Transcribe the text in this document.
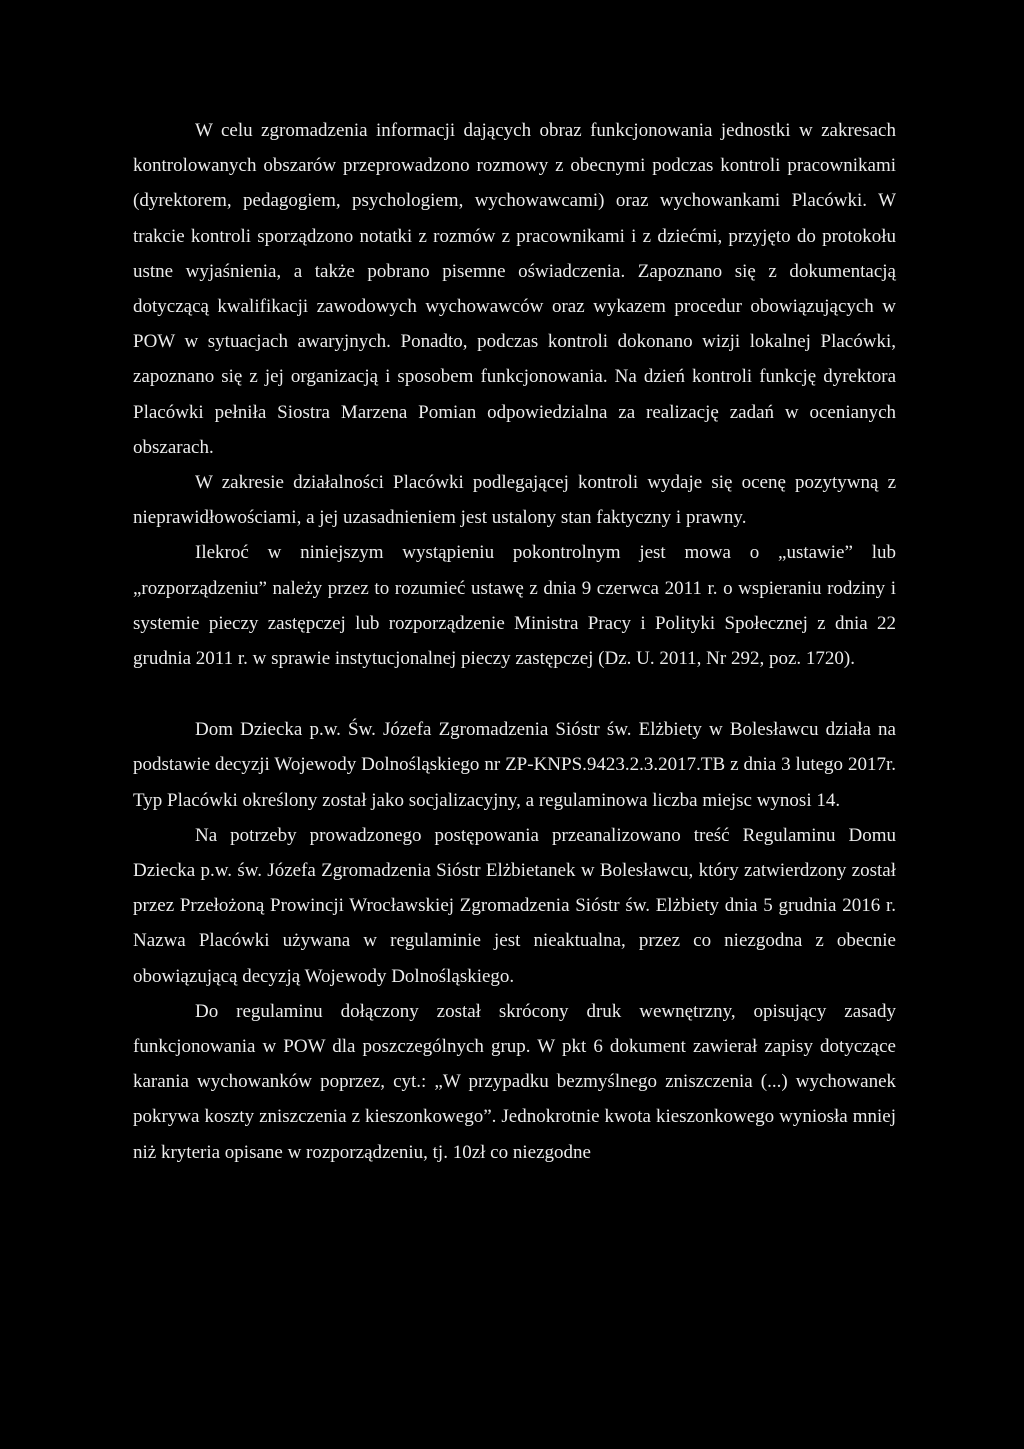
W celu zgromadzenia informacji dających obraz funkcjonowania jednostki w zakresach kontrolowanych obszarów przeprowadzono rozmowy z obecnymi podczas kontroli pracownikami (dyrektorem, pedagogiem, psychologiem, wychowawcami) oraz wychowankami Placówki. W trakcie kontroli sporządzono notatki z rozmów z pracownikami i z dziećmi, przyjęto do protokołu ustne wyjaśnienia, a także pobrano pisemne oświadczenia. Zapoznano się z dokumentacją dotyczącą kwalifikacji zawodowych wychowawców oraz wykazem procedur obowiązujących w POW w sytuacjach awaryjnych. Ponadto, podczas kontroli dokonano wizji lokalnej Placówki, zapoznano się z jej organizacją i sposobem funkcjonowania. Na dzień kontroli funkcję dyrektora Placówki pełniła Siostra Marzena Pomian odpowiedzialna za realizację zadań w ocenianych obszarach.

W zakresie działalności Placówki podlegającej kontroli wydaje się ocenę pozytywną z nieprawidłowościami, a jej uzasadnieniem jest ustalony stan faktyczny i prawny.

Ilekroć w niniejszym wystąpieniu pokontrolnym jest mowa o „ustawie” lub „rozporządzeniu” należy przez to rozumieć ustawę z dnia 9 czerwca 2011 r. o wspieraniu rodziny i systemie pieczy zastępczej lub rozporządzenie Ministra Pracy i Polityki Społecznej z dnia 22 grudnia 2011 r. w sprawie instytucjonalnej pieczy zastępczej (Dz. U. 2011, Nr 292, poz. 1720).

Dom Dziecka p.w. Św. Józefa Zgromadzenia Sióstr św. Elżbiety w Bolesławcu działa na podstawie decyzji Wojewody Dolnośląskiego nr ZP-KNPS.9423.2.3.2017.TB z dnia 3 lutego 2017r. Typ Placówki określony został jako socjalizacyjny, a regulaminowa liczba miejsc wynosi 14.

Na potrzeby prowadzonego postępowania przeanalizowano treść Regulaminu Domu Dziecka p.w. św. Józefa Zgromadzenia Sióstr Elżbietanek w Bolesławcu, który zatwierdzony został przez Przełożoną Prowincji Wrocławskiej Zgromadzenia Sióstr św. Elżbiety dnia 5 grudnia 2016 r. Nazwa Placówki używana w regulaminie jest nieaktualna, przez co niezgodna z obecnie obowiązującą decyzją Wojewody Dolnośląskiego.

Do regulaminu dołączony został skrócony druk wewnętrzny, opisujący zasady funkcjonowania w POW dla poszczególnych grup. W pkt 6 dokument zawierał zapisy dotyczące karania wychowanków poprzez, cyt.: „W przypadku bezmyślnego zniszczenia (...) wychowanek pokrywa koszty zniszczenia z kieszonkowego”. Jednokrotnie kwota kieszonkowego wyniosła mniej niż kryteria opisane w rozporządzeniu, tj. 10zł co niezgodne
